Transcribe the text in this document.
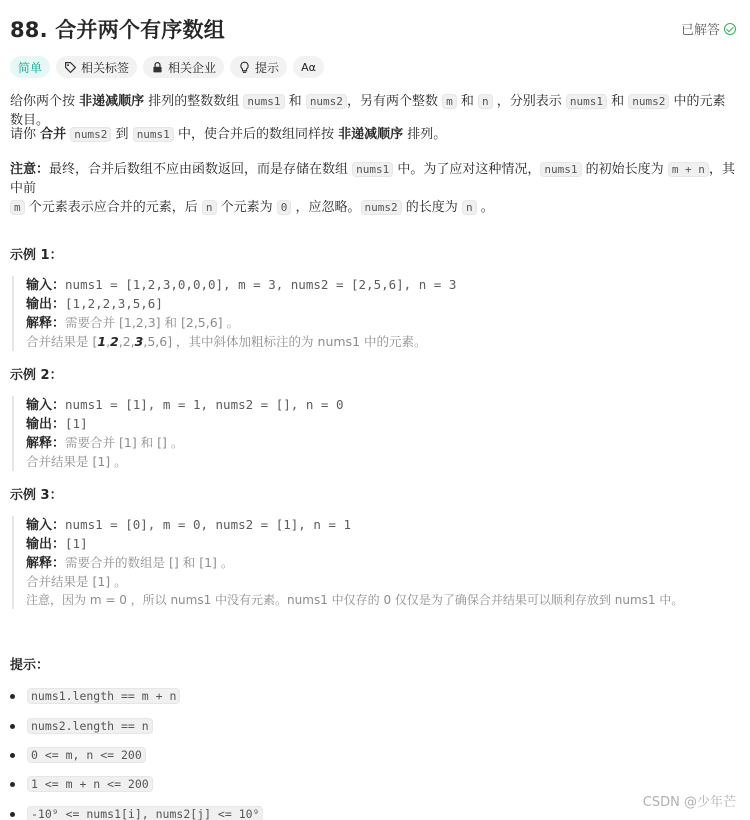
88. 合并两个有序数组	已解答
简单	相关标签	相关企业	提示 Aα
给你两个按 非递减顺序 排列的整数数组 nums1 和 nums2 ，另有两个整数 m 和 n ，分别表示 nums1 和 nums2 中的元素数目。
请你 合并 nums2 到 nums1 中，使合并后的数组同样按 非递减顺序 排列。
注意：最终，合并后数组不应由函数返回，而是存储在数组 nums1 中。为了应对这种情况， nums1 的初始长度为 m + n ，其中前
m 个元素表示应合并的元素，后 n 个元素为 0 ，应忽略。 nums2 的长度为 n 。
示例 1：
输入：nums1 = [1,2,3,0,0,0], m = 3, nums2 = [2,5,6], n = 3
输出：[1,2,2,3,5,6]
解释：需要合并 [1,2,3] 和 [2,5,6] 。
合并结果是 [1,2,2,3,5,6] ，其中斜体加粗标注的为 nums1 中的元素。
示例 2：
输入：nums1 = [1], m = 1, nums2 = [], n = 0
输出：[1]
解释：需要合并 [1] 和 [] 。
合并结果是 [1] 。
示例 3：
输入：nums1 = [0], m = 0, nums2 = [1], n = 1
输出：[1]
解释：需要合并的数组是 [] 和 [1] 。
合并结果是 [1] 。
注意，因为 m = 0 ，所以 nums1 中没有元素。nums1 中仅存的 0 仅仅是为了确保合并结果可以顺利存放到 nums1 中。
提示：
nums1.length == m + n
nums2.length == n
0 <= m, n <= 200
1 <= m + n <= 200
-10⁹ <= nums1[i], nums2[j] <= 10⁹
CSDN @少年芒
